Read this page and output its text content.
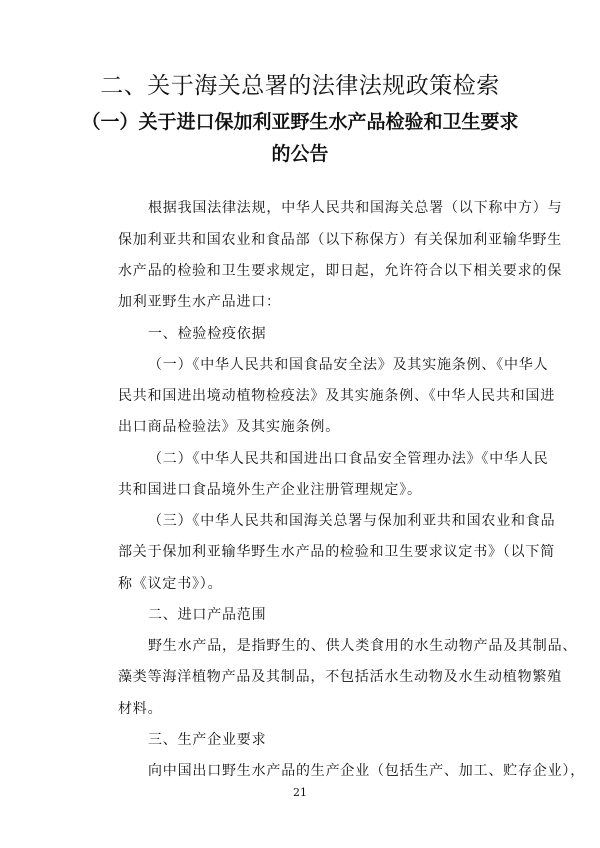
二、关于海关总署的法律法规政策检索
（一）关于进口保加利亚野生水产品检验和卫生要求
的公告
根据我国法律法规，中华人民共和国海关总署（以下称中方）与
保加利亚共和国农业和食品部（以下称保方）有关保加利亚输华野生
水产品的检验和卫生要求规定，即日起，允许符合以下相关要求的保
加利亚野生水产品进口：
一、检验检疫依据
（一）《中华人民共和国食品安全法》及其实施条例、《中华人
民共和国进出境动植物检疫法》及其实施条例、《中华人民共和国进
出口商品检验法》及其实施条例。
（二）《中华人民共和国进出口食品安全管理办法》《中华人民
共和国进口食品境外生产企业注册管理规定》。
（三）《中华人民共和国海关总署与保加利亚共和国农业和食品
部关于保加利亚输华野生水产品的检验和卫生要求议定书》（以下简
称《议定书》）。
二、进口产品范围
野生水产品，是指野生的、供人类食用的水生动物产品及其制品、
藻类等海洋植物产品及其制品，不包括活水生动物及水生动植物繁殖
材料。
三、生产企业要求
向中国出口野生水产品的生产企业（包括生产、加工、贮存企业），
21
